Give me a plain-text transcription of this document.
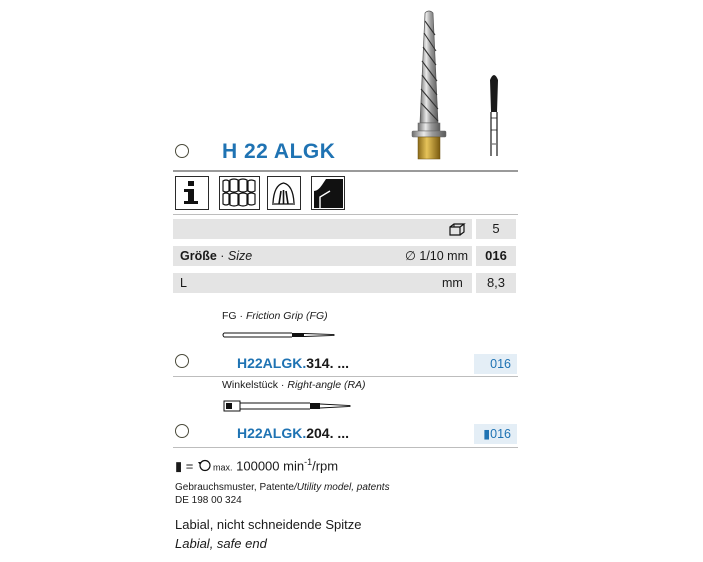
H 22 ALGK
5
Größe · Size	∅ 1/10 mm	016
L	mm	8,3
FG · Friction Grip (FG)
H22ALGK.314. ...	016
Winkelstück · Right-angle (RA)
H22ALGK.204. ...	▮016
▮ = max. 100000 $\min^{-1}$/rpm
Gebrauchsmuster, Patente/Utility model, patents
DE 198 00 324
Labial, nicht schneidende Spitze
Labial, safe end
